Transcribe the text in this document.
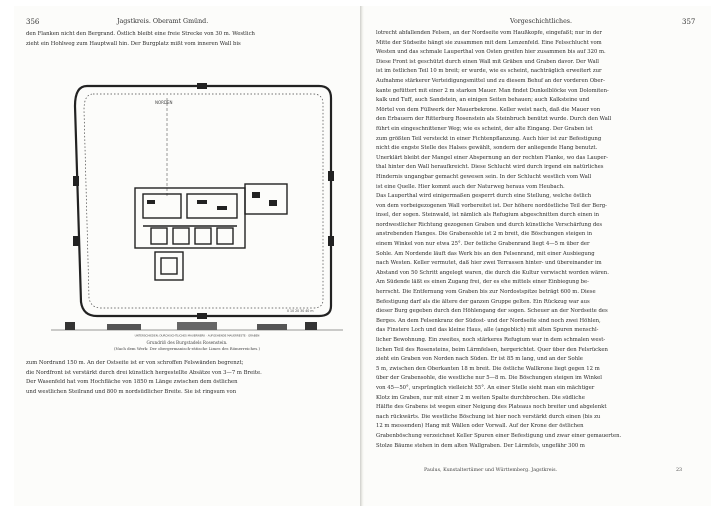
356	Jagstkreis. Oberamt Gmünd.

den Flanken nicht den Bergrand. Östlich bleibt eine freie Strecke von 30 m. Westlich

zieht ein Hohlweg zum Hauptwall hin. Der Burgplatz mißt vom inneren Wall bis

NORDEN
UNTERSCHIEDEN: DURCHSICHTLICHES MAUERWERK · AUFGEHENDE MAUERRESTE · GRABEN
0 10 20 30 40 m
Grundriß des Burgstadels Rosenstein.
(Nach dem Werk: Der obergermanisch-rätische Limes des Römerreiches.)

zum Nordrand 150 m. An der Ostseite ist er von schroffen Felswänden begrenzt;

die Nordfront ist verstärkt durch drei künstlich hergestellte Absätze von 3—7 m Breite.

Der Wasenfeld hat vom Hochfläche von 1850 m Länge zwischen dem östlichen

und westlichen Steilrand und 800 m nordsüdlicher Breite. Sie ist ringsum von

Vorgeschichtliches.	357

lotrecht abfallenden Felsen, an der Nordseite vom Haußkopfe, eingefaßt; nur in der

Mitte der Südseite hängt sie zusammen mit dem Lenzenfeld. Eine Felsschlucht vom

Westen und das schmale Lauperthal von Osten greifen hier zusammen bis auf 320 m.

Diese Front ist geschützt durch einen Wall mit Gräben und Graben davor. Der Wall

ist im östlichen Teil 10 m breit; er wurde, wie es scheint, nachträglich erweitert zur

Aufnahme stärkerer Verteidigungsmittel und zu diesem Behuf an der vorderen Ober-

kante gefüttert mit einer 2 m starken Mauer. Man findet Dunkelblöcke von Dolomiten-

kalk und Tuff, auch Sandstein, an einigen Seiten behauen; auch Kalksteine und

Mörtel von dem Füllwerk der Mauerbekrone. Keller weist nach, daß die Mauer von

den Erbauern der Ritterburg Rosenstein als Steinbruch benützt wurde. Durch den Wall

führt ein eingeschnittener Weg; wie es scheint, der alte Eingang. Der Graben ist

zum größten Teil versteckt in einer Fichtenpflanzung. Auch hier ist zur Befestigung

nicht die engste Stelle des Halses gewählt, sondern der anliegende Hang benutzt.

Unerklärt bleibt der Mangel einer Abspernung an der rechten Flanke, wo das Lauper-

thal hinter den Wall heraufkreicht. Diese Schlucht wird durch irgend ein natürliches

Hindernis ungangbar gemacht gewesen sein. In der Schlucht westlich vom Wall

ist eine Quelle. Hier kommt auch der Naturweg heraus vom Heubach.

Das Lauperthal wird einigermaßen gesperrt durch eine Stellung, welche östlich

von dem vorbeigezogenen Wall vorbereitet ist. Der höhere nordöstliche Teil der Berg-

insel, der sogen. Steinwald, ist nämlich als Refugium abgeschnitten durch einen in

nordwestlicher Richtung gezogenen Graben und durch künstliche Verschärfung des

anstrebenden Hanges. Die Grabensohle ist 2 m breit, die Böschungen steigen in

einem Winkel von nur etwa 25°. Der östliche Grabenrand liegt 4—5 m über der

Sohle. Am Nordende läuft das Werk bis an den Felsenrand, mit einer Ausbiegung

nach Westen. Keller vermutet, daß hier zwei Terrassen hinter- und übereinander im

Abstand von 50 Schritt angelegt waren, die durch die Kultur verwischt worden wären.

Am Südende läßt es einen Zugang frei, der es ehe mittels einer Einbiegung be-

herrscht. Die Entfernung vom Graben bis zur Nordostspitze beträgt 600 m. Diese

Befestigung darf als die ältere der ganzen Gruppe gelten. Ein Rückzug war aus

dieser Burg gegeben durch den Höhlengang der sogen. Scheuer an der Nordseite des

Berges. An dem Felsenkranz der Südost- und der Nordseite sind noch zwei Höhlen,

das Finstere Loch und das kleine Haus, alle (angeblich) mit alten Spuren menschl-

licher Bewohnung. Ein zweites, noch stärkeres Refugium war in dem schmalen west-

lichen Teil des Rosensteins, beim Lärmfelsen, hergerichtet. Quer über den Felsrücken

zieht ein Graben von Norden nach Süden. Er ist 85 m lang, und an der Sohle

5 m, zwischen den Oberkanten 18 m breit. Die östliche Wallkrone liegt gegen 12 m

über der Grabensohle, die westliche nur 5—8 m. Die Böschungen steigen im Winkel

von 45—50°, ursprünglich vielleicht 55°. An einer Stelle sieht man ein mächtiger

Klotz im Graben, nur mit einer 2 m weiten Spalte durchbrochen. Die südliche

Hälfte des Grabens ist wegen einer Neigung des Plateaus noch breiter und abgelenkt

nach rückwärts. Die westliche Böschung ist hier noch verstärkt durch einen (bis zu

12 m messenden) Hang mit Wällen oder Vorwall. Auf der Krone der östlichen

Grabenböschung verzeichnet Keller Spuren einer Befestigung und zwar einer gemauerten.

Stolze Bäume stehen in dem alten Wallgraben. Der Lärmfels, ungefähr 300 m

Paulus, Kunstaltertümer und Württemberg. Jagstkreis.	23
